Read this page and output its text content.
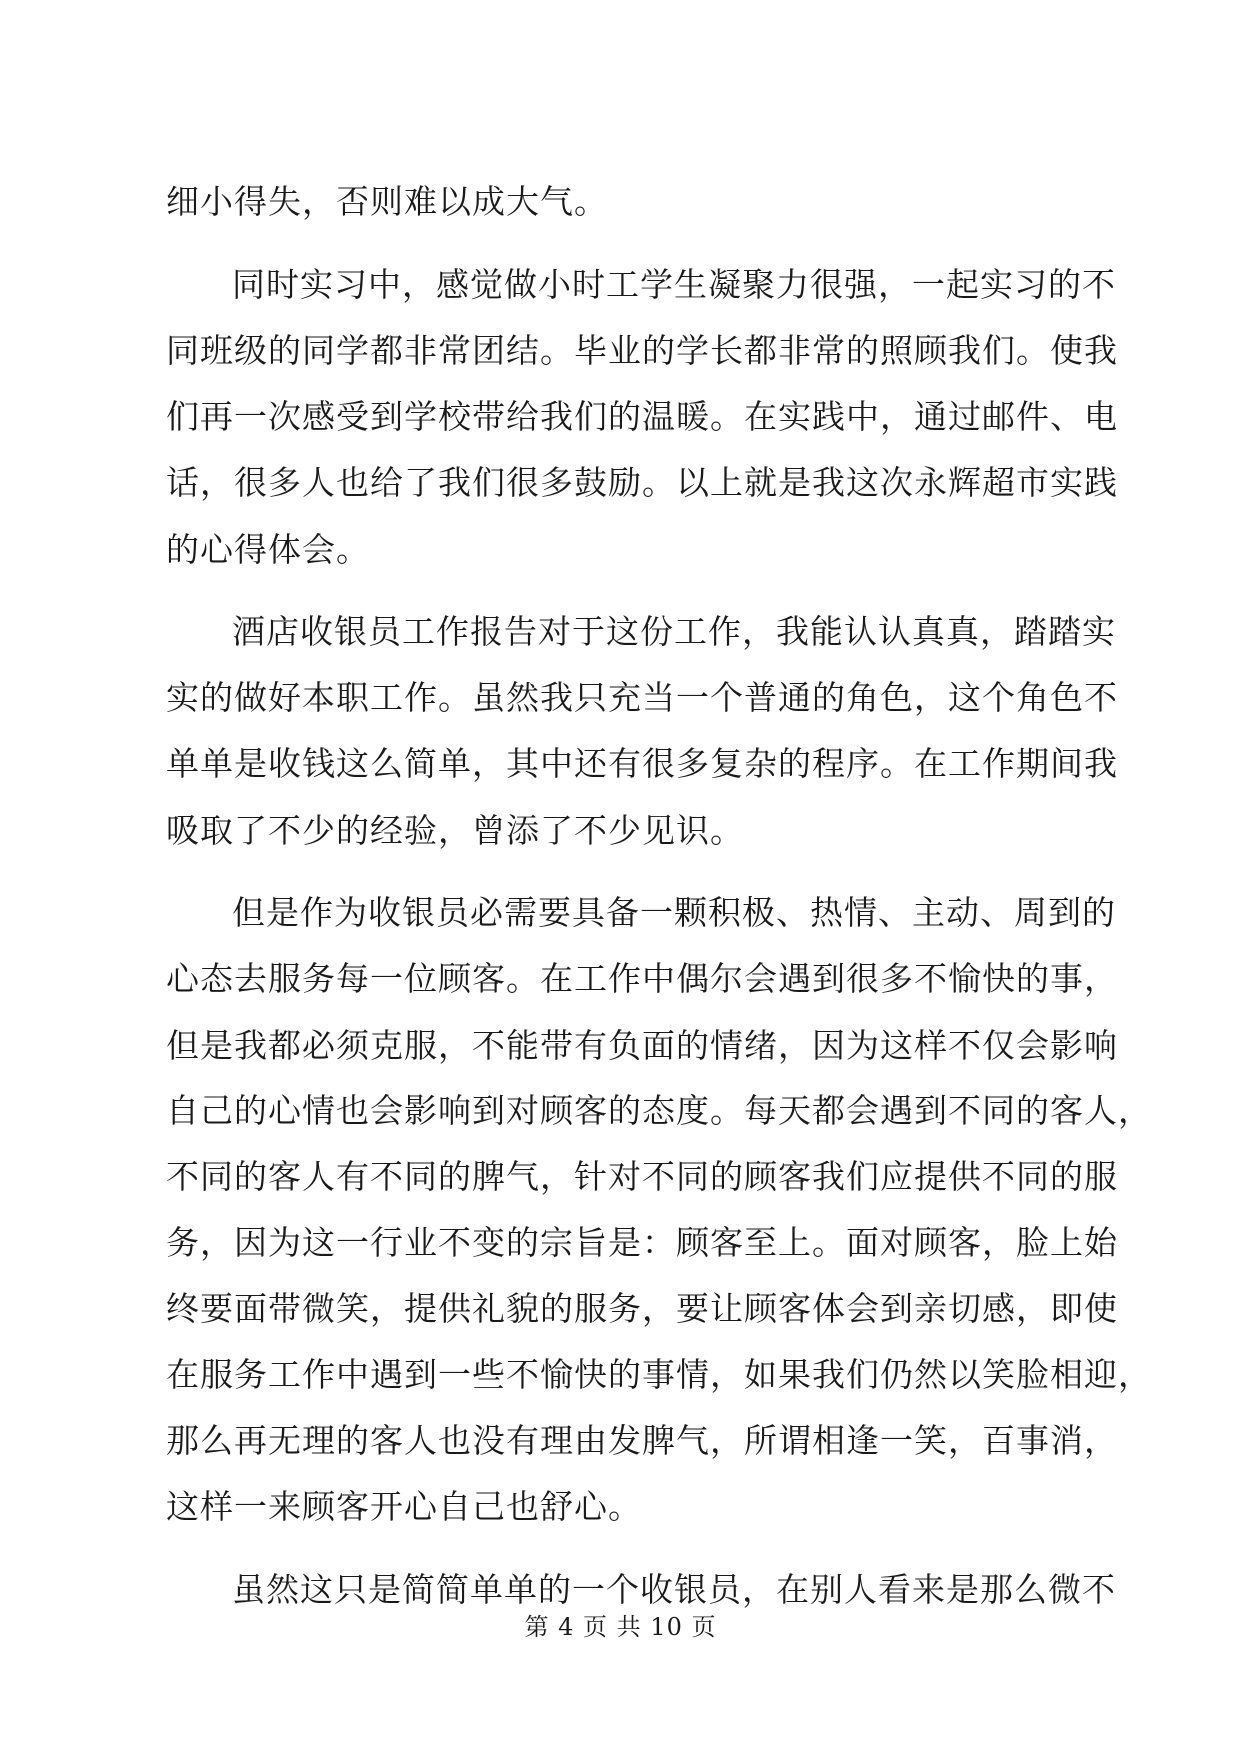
细小得失，否则难以成大气。
同时实习中，感觉做小时工学生凝聚力很强，一起实习的不
同班级的同学都非常团结。毕业的学长都非常的照顾我们。使我
们再一次感受到学校带给我们的温暖。在实践中，通过邮件、电
话，很多人也给了我们很多鼓励。以上就是我这次永辉超市实践
的心得体会。
酒店收银员工作报告对于这份工作，我能认认真真，踏踏实
实的做好本职工作。虽然我只充当一个普通的角色，这个角色不
单单是收钱这么简单，其中还有很多复杂的程序。在工作期间我
吸取了不少的经验，曾添了不少见识。
但是作为收银员必需要具备一颗积极、热情、主动、周到的
心态去服务每一位顾客。在工作中偶尔会遇到很多不愉快的事，
但是我都必须克服，不能带有负面的情绪，因为这样不仅会影响
自己的心情也会影响到对顾客的态度。每天都会遇到不同的客人，
不同的客人有不同的脾气，针对不同的顾客我们应提供不同的服
务，因为这一行业不变的宗旨是：顾客至上。面对顾客，脸上始
终要面带微笑，提供礼貌的服务，要让顾客体会到亲切感，即使
在服务工作中遇到一些不愉快的事情，如果我们仍然以笑脸相迎，
那么再无理的客人也没有理由发脾气，所谓相逢一笑，百事消，
这样一来顾客开心自己也舒心。
虽然这只是简简单单的一个收银员，在别人看来是那么微不
第 4 页 共 10 页
